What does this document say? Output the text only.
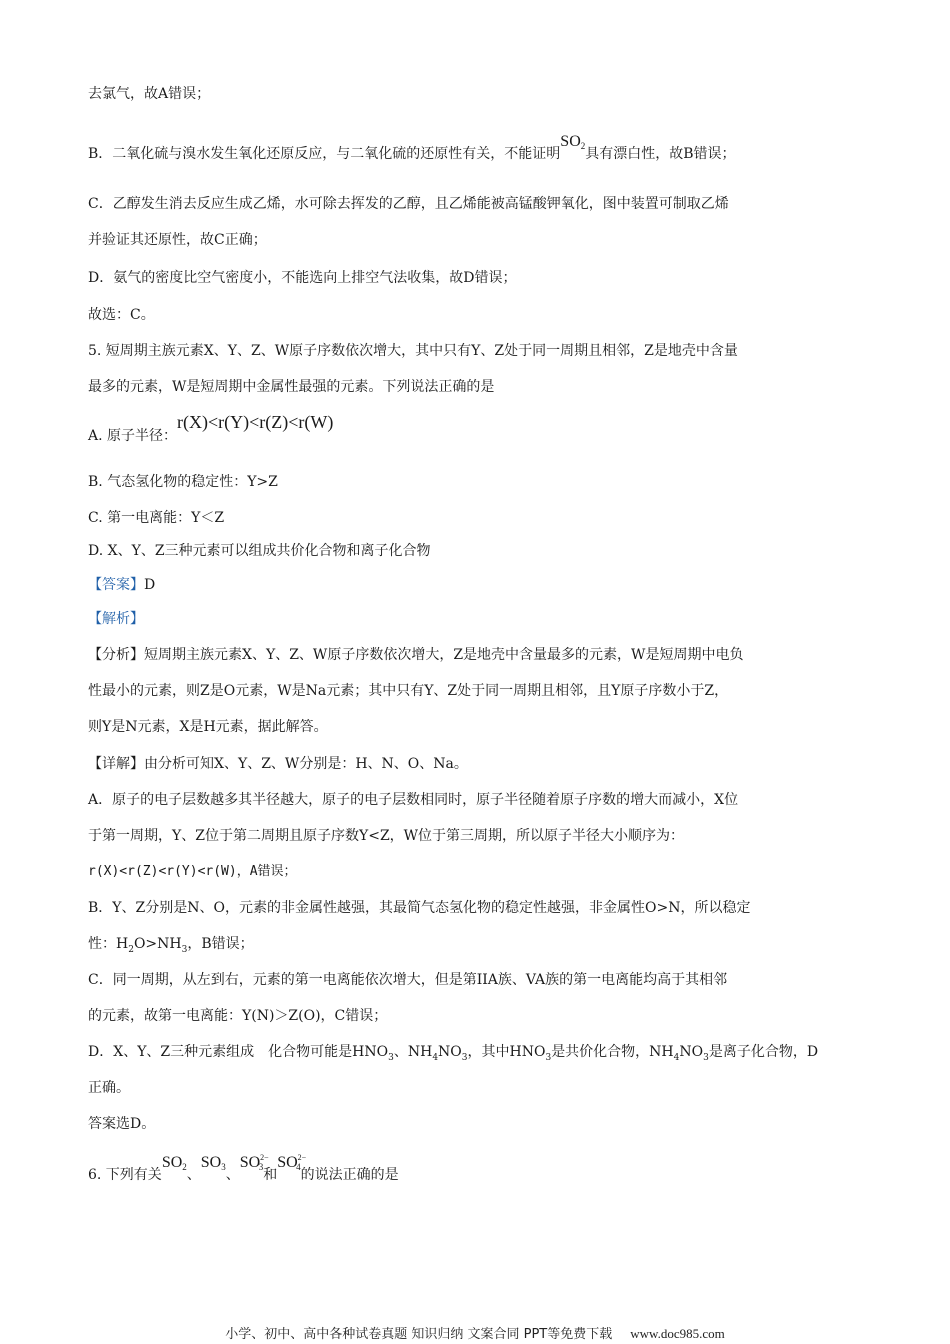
去氯气，故A错误；
B．二氧化硫与溴水发生氧化还原反应，与二氧化硫的还原性有关，不能证明$SO_2$具有漂白性，故B错误；
C．乙醇发生消去反应生成乙烯，水可除去挥发的乙醇，且乙烯能被高锰酸钾氧化，图中装置可制取乙烯
并验证其还原性，故C正确；
D．氨气的密度比空气密度小，不能选向上排空气法收集，故D错误；
故选：C。
5. 短周期主族元素X、Y、Z、W原子序数依次增大，其中只有Y、Z处于同一周期且相邻，Z是地壳中含量
最多的元素，W是短周期中金属性最强的元素。下列说法正确的是
A. 原子半径：r(X)<r(Y)<r(Z)<r(W)
B. 气态氢化物的稳定性：Y>Z
C. 第一电离能：Y＜Z
D. X、Y、Z三种元素可以组成共价化合物和离子化合物
【答案】D
【解析】
【分析】短周期主族元素X、Y、Z、W原子序数依次增大，Z是地壳中含量最多的元素，W是短周期中电负
性最小的元素，则Z是O元素，W是Na元素；其中只有Y、Z处于同一周期且相邻，且Y原子序数小于Z，
则Y是N元素，X是H元素，据此解答。
【详解】由分析可知X、Y、Z、W分别是：H、N、O、Na。
A．原子的电子层数越多其半径越大，原子的电子层数相同时，原子半径随着原子序数的增大而减小，X位
于第一周期，Y、Z位于第二周期且原子序数Y<Z，W位于第三周期，所以原子半径大小顺序为：
r(X)<r(Z)<r(Y)<r(W)，A错误；
B．Y、Z分别是N、O，元素的非金属性越强，其最简气态氢化物的稳定性越强，非金属性O>N，所以稳定
性：$H_2O>NH_3$，B错误；
C．同一周期，从左到右，元素的第一电离能依次增大，但是第IIA族、VA族的第一电离能均高于其相邻
的元素，故第一电离能：Y(N)＞Z(O)，C错误；
D．X、Y、Z三种元素组成　化合物可能是$HNO_3$、$NH_4NO_3$，其中$HNO_3$是共价化合物，$NH_4NO_3$是离子化合物，D
正确。
答案选D。
6. 下列有关$SO_2$、$SO_3$、$SO^{2-}_3$和$SO^{2-}_4$的说法正确的是
小学、初中、高中各种试卷真题 知识归纳 文案合同 PPT等免费下载 www.doc985.com
